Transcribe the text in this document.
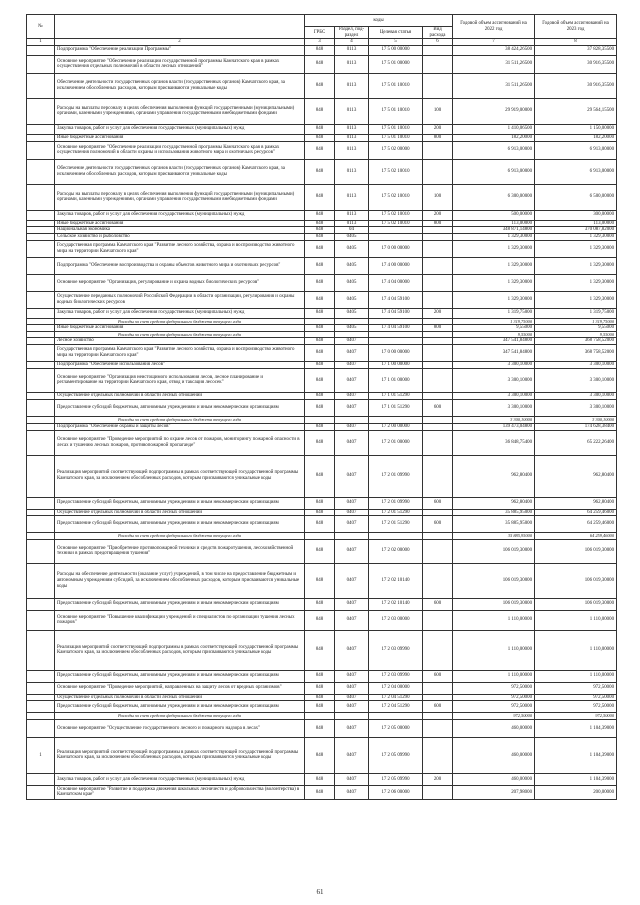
№		коды				Годовой объем ассигнований на 2022 год	Годовой объем ассигнований на 2023 год
		ГРБС	Раздел, под-раздел	Целевая статья	Вид расхода		
1	2	3	4	5	6	7	8
	Подпрограмма "Обеспечение реализации Программы"	848	0113	17 5 00 00000		38 424,26500	37 828,35500
	Основное мероприятие "Обеспечение реализации государственной программы Камчатского края в рамках осуществления отдельных полномочий в области лесных отношений"	848	0113	17 5 01 00000		31 511,26500	30 916,35500
	Обеспечение деятельности государственных органов власти (государственных органов) Камчатского края, за исключением обособленных расходов, которым присваиваются уникальные коды	848	0113	17 5 01 10010		31 511,26500	30 916,35500
	Расходы на выплаты персоналу в целях обеспечения выполнения функций государственными (муниципальными) органами, казенными учреждениями, органами управления государственными внебюджетными фондами	848	0113	17 5 01 10010	100	29 919,00000	29 564,15500
	Закупка товаров, работ и услуг для обеспечения государственных (муниципальных) нужд	848	0113	17 5 01 10010	200	1 410,06500	1 150,00000
	Иные бюджетные ассигнования	848	0113	17 5 01 10010	800	182,20000	182,20000
	Основное мероприятие "Обеспечение реализации государственной программы Камчатского края в рамках осуществления полномочий в области охраны и использования животного мира и охотничьих ресурсов"	848	0113	17 5 02 00000		6 913,00000	6 913,00000
	Обеспечение деятельности государственных органов власти (государственных органов) Камчатского края, за исключением обособленных расходов, которым присваиваются уникальные коды	848	0113	17 5 02 10010		6 913,00000	6 913,00000
	Расходы на выплаты персоналу в целях обеспечения выполнения функций государственными (муниципальными) органами, казенными учреждениями, органами управления государственными внебюджетными фондами	848	0113	17 5 02 10010	100	6 300,00000	6 500,00000
	Закупка товаров, работ и услуг для обеспечения государственных (муниципальных) нужд	848	0113	17 5 02 10010	200	500,00000	300,00000
	Иные бюджетные ассигнования	848	0113	17 5 02 10010	800	113,00000	113,00000
	Национальная экономика	848	04			348 871,14800	370 087,82000
	Сельское хозяйство и рыболовство	848	0405			1 329,30000	1 329,30000
	Государственная программа Камчатского края "Развитие лесного хозяйства, охрана и воспроизводство животного мира на территории Камчатского края"	848	0405	17 0 00 00000		1 329,30000	1 329,30000
	Подпрограмма "Обеспечение воспроизводства и охраны объектов животного мира и охотничьих ресурсов"	848	0405	17 4 00 00000		1 329,30000	1 329,30000
	Основное мероприятие "Организация, регулирование и охрана водных биологических ресурсов"	848	0405	17 4 04 00000		1 329,30000	1 329,30000
	Осуществление переданных полномочий Российской Федерации в области организации, регулирования и охраны водных биологических ресурсов	848	0405	17 4 04 59100		1 329,30000	1 329,30000
	Закупка товаров, работ и услуг для обеспечения государственных (муниципальных) нужд	848	0405	17 4 04 59100	200	1 319,75000	1 319,75000
	Расходы за счет средств федерального бюджета текущего года					1 319,75000	1 319,75000
	Иные бюджетные ассигнования	848	0405	17 4 04 59100	800	9,55000	9,55000
	Расходы за счет средств федерального бюджета текущего года					9,55000	9,55000
	Лесное хозяйство	848	0407			347 541,84800	368 758,52000
	Государственная программа Камчатского края "Развитие лесного хозяйства, охрана и воспроизводство животного мира на территории Камчатского края"	848	0407	17 0 00 00000		347 541,84800	368 758,52000
	Подпрограмма "Обеспечение использования лесов"	848	0407	17 1 00 00000		3 300,10000	3 300,10000
	Основное мероприятие "Организация неистощимого использования лесов, лесное планирование и регламентирование на территории Камчатского края, отвод и таксация лесосек"	848	0407	17 1 01 00000		3 300,10000	3 300,10000
	Осуществление отдельных полномочий в области лесных отношений	848	0407	17 1 01 51290		3 300,10000	3 300,10000
	Предоставление субсидий бюджетным, автономным учреждениям и иным некоммерческим организациям	848	0407	17 1 01 51290	600	3 300,10000	3 300,10000
	Расходы за счет средств федерального бюджета текущего года					3 300,10000	3 300,10000
	Подпрограмма "Обеспечение охраны и защиты лесов"	848	0407	17 2 00 00000		139 473,04800	174 628,38400
	Основное мероприятие "Проведение мероприятий по охране лесов от пожаров, мониторингу пожарной опасности в лесах и тушению лесных пожаров, противопожарной пропаганде"	848	0407	17 2 01 00000		36 848,75400	65 222,26400
	Реализация мероприятий соответствующей подпрограммы в рамках соответствующей государственной программы Камчатского края, за исключением обособленных расходов, которым присваиваются уникальные коды	848	0407	17 2 01 09990		962,80400	962,80400
	Предоставление субсидий бюджетным, автономным учреждениям и иным некоммерческим организациям	848	0407	17 2 01 09990	600	962,80400	962,80400
	Осуществление отдельных полномочий в области лесных отношений	848	0407	17 2 01 51290		35 885,95000	64 259,46000
	Предоставление субсидий бюджетным, автономным учреждениям и иным некоммерческим организациям	848	0407	17 2 01 51290	600	35 885,95000	64 259,46000
	Расходы за счет средств федерального бюджета текущего года					35 885,95000	64 259,46000
	Основное мероприятие "Приобретение противопожарной техники и средств пожаротушения, лесохозяйственной техники в рамках предотвращения тушения"	848	0407	17 2 02 00000		106 019,30000	106 019,30000
	Расходы на обеспечение деятельности (оказание услуг) учреждений, в том числе на предоставление бюджетным и автономным учреждениям субсидий, за исключением обособленных расходов, которым присваиваются уникальные коды	848	0407	17 2 02 10140		106 019,30000	106 019,30000
	Предоставление субсидий бюджетным, автономным учреждениям и иным некоммерческим организациям	848	0407	17 2 02 10140	600	106 019,30000	106 019,30000
	Основное мероприятие "Повышение квалификации учреждений и специалистов по организации тушения лесных пожаров"	848	0407	17 2 03 00000		1 110,00000	1 110,00000
	Реализация мероприятий соответствующей подпрограммы в рамках соответствующей государственной программы Камчатского края, за исключением обособленных расходов, которым присваиваются уникальные коды	848	0407	17 2 03 09990		1 110,00000	1 110,00000
	Предоставление субсидий бюджетным, автономным учреждениям и иным некоммерческим организациям	848	0407	17 2 03 09990	600	1 110,00000	1 110,00000
	Основное мероприятие "Проведение мероприятий, направленных на защиту лесов от вредных организмов"	848	0407	17 2 04 00000		972,50000	972,50000
	Осуществление отдельных полномочий в области лесных отношений	848	0407	17 2 04 51290		972,50000	972,50000
	Предоставление субсидий бюджетным, автономным учреждениям и иным некоммерческим организациям	848	0407	17 2 04 51290	600	972,50000	972,50000
	Расходы за счет средств федерального бюджета текущего года					972,50000	972,50000
	Основное мероприятие "Осуществление государственного лесного и пожарного надзора в лесах"	848	0407	17 2 05 00000		460,00000	1 104,39000
1	Реализация мероприятий соответствующей подпрограммы в рамках соответствующей государственной программы Камчатского края, за исключением обособленных расходов, которым присваиваются уникальные коды	848	0407	17 2 05 09990		460,00000	1 104,39000
	Закупка товаров, работ и услуг для обеспечения государственных (муниципальных) нужд	848	0407	17 2 05 09990	200	460,00000	1 104,39000
	Основное мероприятие "Развитие и поддержка движения школьных лесничеств и добровольчества (волонтерства) в Камчатском крае"	848	0407	17 2 06 00000		207,98000	200,00000
61
